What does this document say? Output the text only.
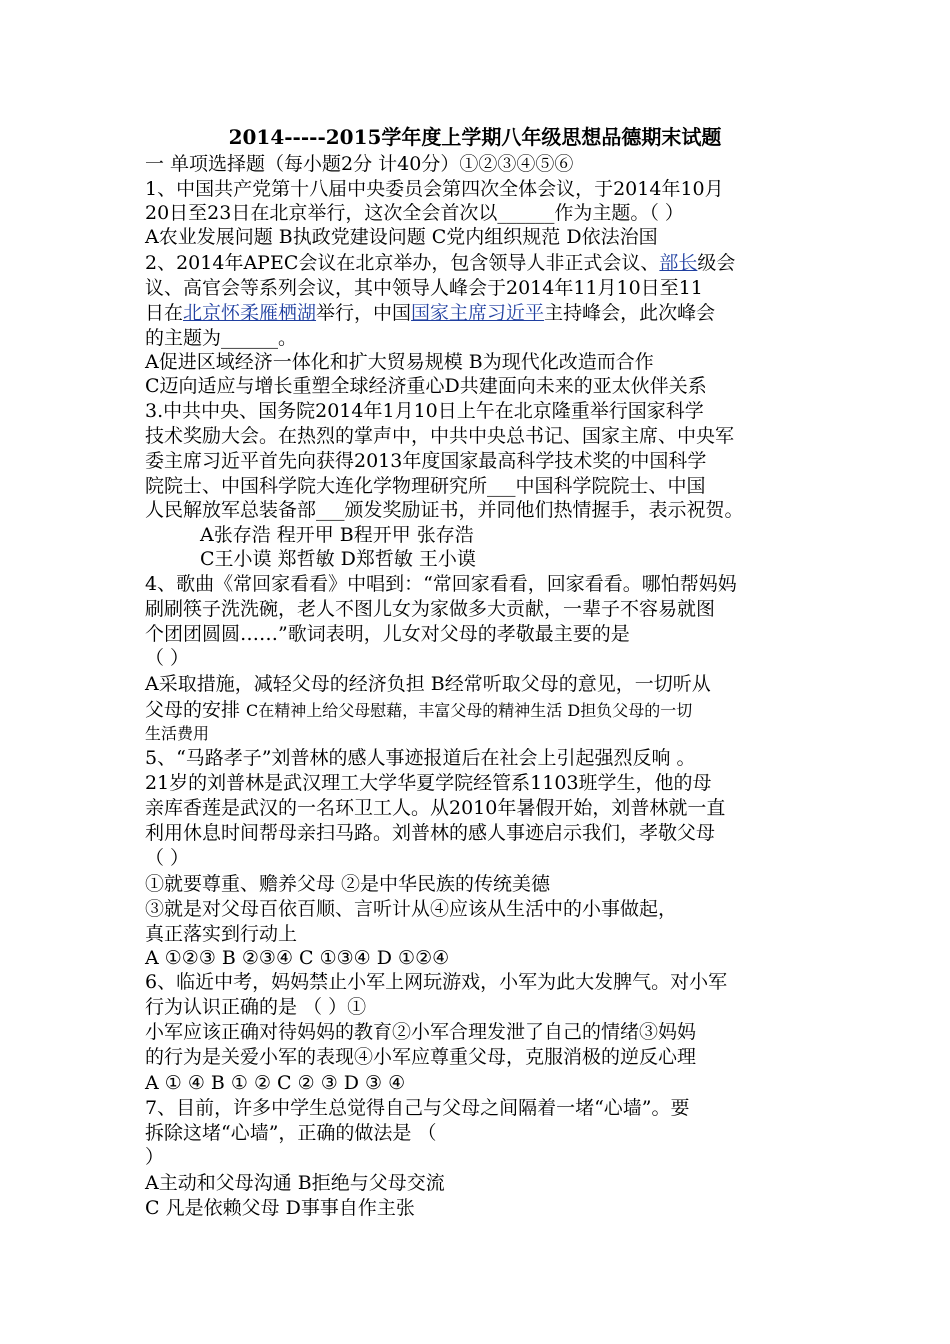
2014-----2015学年度上学期八年级思想品德期末试题
一 单项选择题（每小题2分 计40分）①②③④⑤⑥
1、中国共产党第十八届中央委员会第四次全体会议，于2014年10月
20日至23日在北京举行，这次全会首次以______作为主题。（ ）
A农业发展问题 B执政党建设问题 C党内组织规范 D依法治国
2、2014年APEC会议在北京举办，包含领导人非正式会议、部长级会
议、高官会等系列会议，其中领导人峰会于2014年11月10日至11
日在北京怀柔雁栖湖举行，中国国家主席习近平主持峰会，此次峰会
的主题为______。
A促进区域经济一体化和扩大贸易规模 B为现代化改造而合作
C迈向适应与增长重塑全球经济重心D共建面向未来的亚太伙伴关系
3.中共中央、国务院2014年1月10日上午在北京隆重举行国家科学
技术奖励大会。在热烈的掌声中，中共中央总书记、国家主席、中央军
委主席习近平首先向获得2013年度国家最高科学技术奖的中国科学
院院士、中国科学院大连化学物理研究所___中国科学院院士、中国
人民解放军总装备部___颁发奖励证书，并同他们热情握手，表示祝贺。
A张存浩 程开甲 B程开甲 张存浩
C王小谟 郑哲敏 D郑哲敏 王小谟
4、歌曲《常回家看看》中唱到：“常回家看看，回家看看。哪怕帮妈妈
刷刷筷子洗洗碗，老人不图儿女为家做多大贡献，一辈子不容易就图
个团团圆圆……”歌词表明，儿女对父母的孝敬最主要的是
（ ）
A采取措施，减轻父母的经济负担 B经常听取父母的意见，一切听从
父母的安排 C在精神上给父母慰藉，丰富父母的精神生活 D担负父母的一切
生活费用
5、“马路孝子”刘普林的感人事迹报道后在社会上引起强烈反响 。
21岁的刘普林是武汉理工大学华夏学院经管系1103班学生，他的母
亲库香莲是武汉的一名环卫工人。从2010年暑假开始，刘普林就一直
利用休息时间帮母亲扫马路。刘普林的感人事迹启示我们，孝敬父母
（ ）
①就要尊重、赡养父母 ②是中华民族的传统美德
③就是对父母百依百顺、言听计从④应该从生活中的小事做起，
真正落实到行动上
A ①②③ B ②③④ C ①③④ D ①②④
6、临近中考，妈妈禁止小军上网玩游戏，小军为此大发脾气。对小军
行为认识正确的是 （ ）①
小军应该正确对待妈妈的教育②小军合理发泄了自己的情绪③妈妈
的行为是关爱小军的表现④小军应尊重父母，克服消极的逆反心理
A ① ④ B ① ② C ② ③ D ③ ④
7、目前，许多中学生总觉得自己与父母之间隔着一堵“心墙”。要
拆除这堵“心墙”，正确的做法是 （
）
A主动和父母沟通 B拒绝与父母交流
C 凡是依赖父母 D事事自作主张
